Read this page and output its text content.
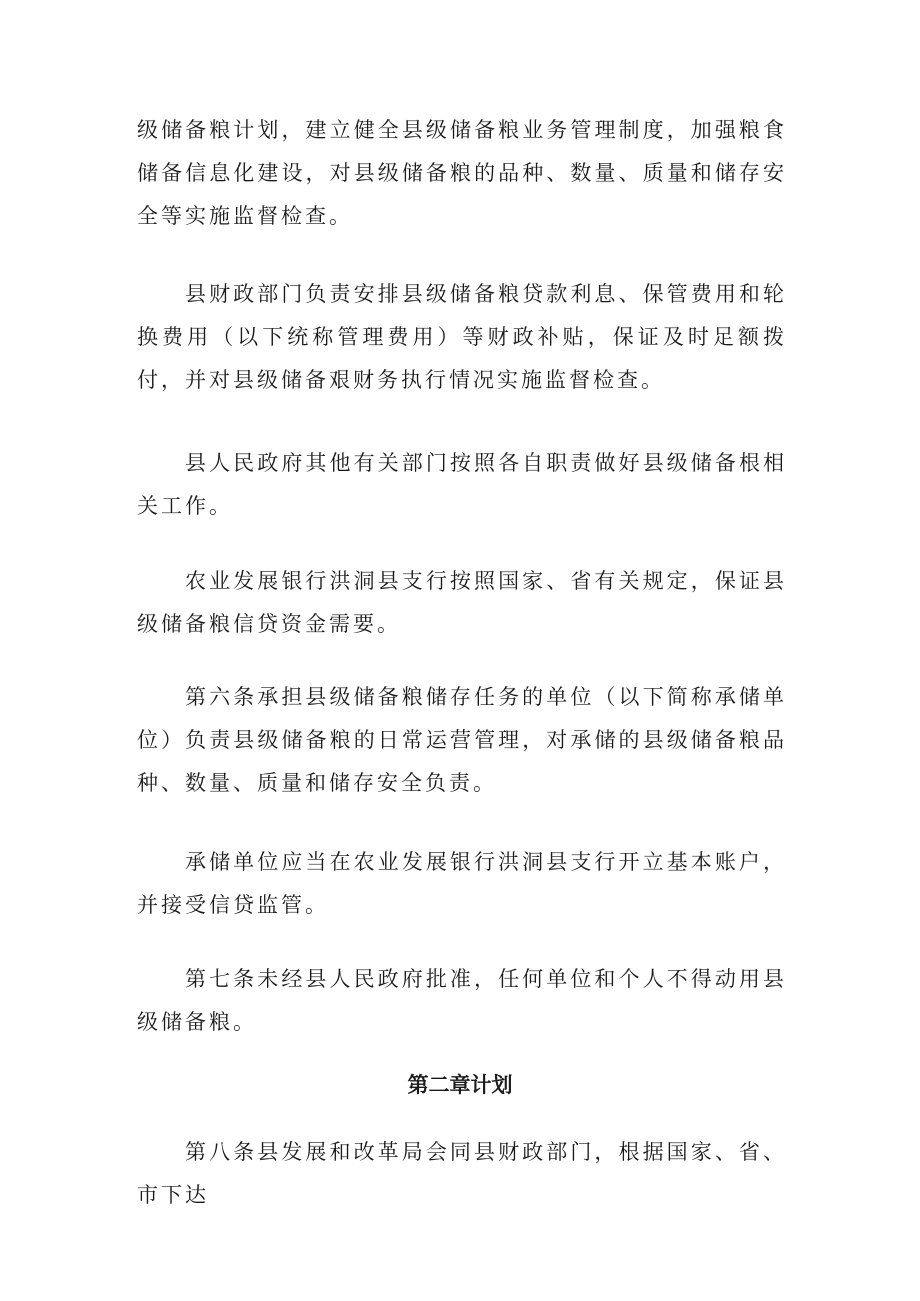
级储备粮计划，建立健全县级储备粮业务管理制度，加强粮食储备信息化建设，对县级储备粮的品种、数量、质量和储存安全等实施监督检查。

县财政部门负责安排县级储备粮贷款利息、保管费用和轮换费用（以下统称管理费用）等财政补贴，保证及时足额拨付，并对县级储备艰财务执行情况实施监督检查。

县人民政府其他有关部门按照各自职责做好县级储备根相关工作。

农业发展银行洪洞县支行按照国家、省有关规定，保证县级储备粮信贷资金需要。

第六条承担县级储备粮储存任务的单位（以下简称承储单位）负责县级储备粮的日常运营管理，对承储的县级储备粮品种、数量、质量和储存安全负责。

承储单位应当在农业发展银行洪洞县支行开立基本账户，并接受信贷监管。

第七条未经县人民政府批准，任何单位和个人不得动用县级储备粮。

第二章计划

第八条县发展和改革局会同县财政部门，根据国家、省、市下达
